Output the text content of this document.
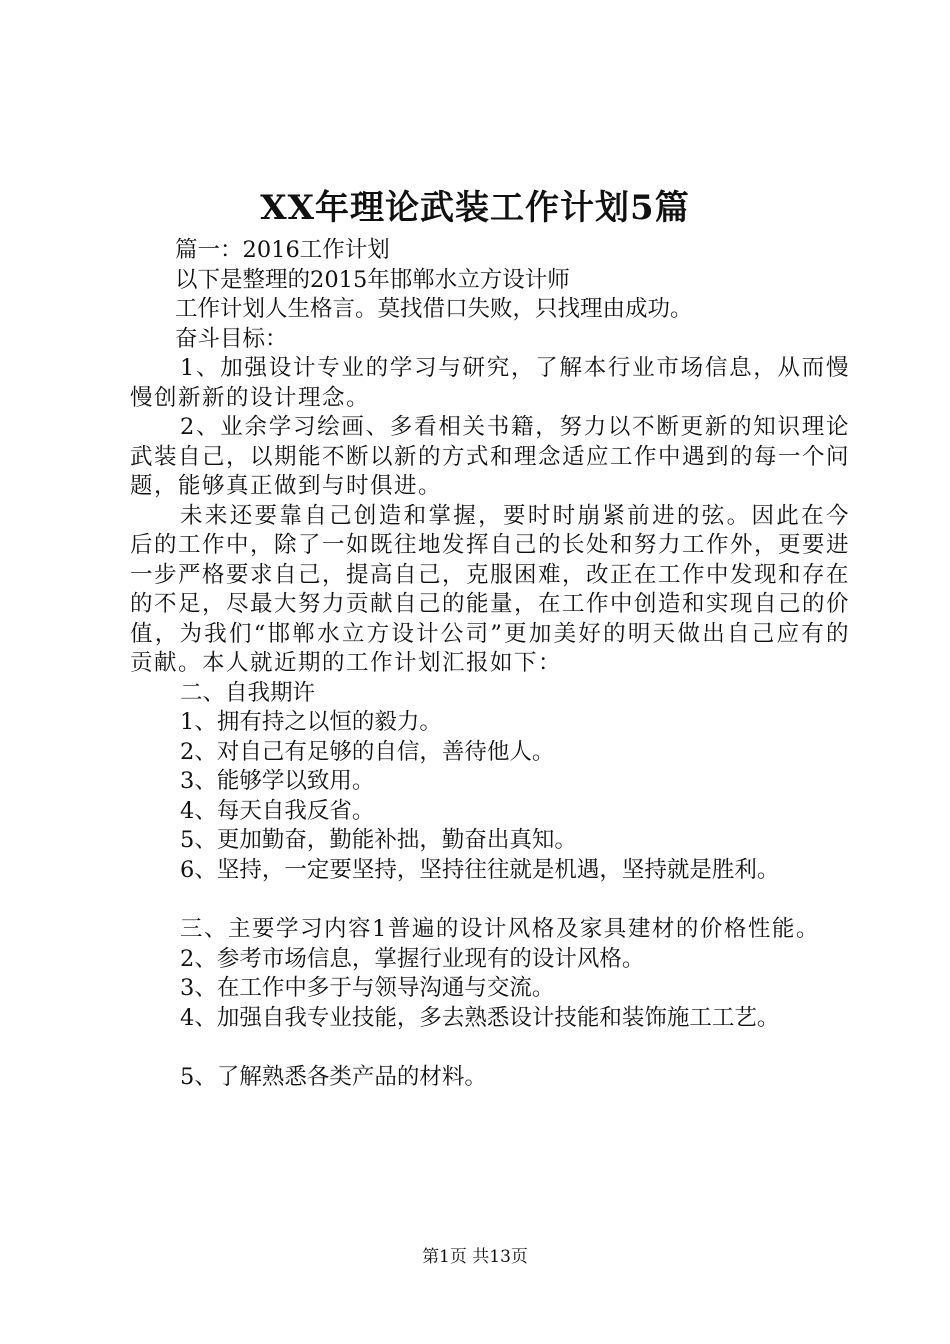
XX年理论武装工作计划5篇

篇一：2016工作计划

以下是整理的2015年邯郸水立方设计师

工作计划人生格言。莫找借口失败，只找理由成功。

奋斗目标：

1、加强设计专业的学习与研究，了解本行业市场信息，从而慢慢创新新的设计理念。

2、业余学习绘画、多看相关书籍，努力以不断更新的知识理论武装自己，以期能不断以新的方式和理念适应工作中遇到的每一个问题，能够真正做到与时俱进。

未来还要靠自己创造和掌握，要时时崩紧前进的弦。因此在今后的工作中，除了一如既往地发挥自己的长处和努力工作外，更要进一步严格要求自己，提高自己，克服困难，改正在工作中发现和存在的不足，尽最大努力贡献自己的能量，在工作中创造和实现自己的价值，为我们“邯郸水立方设计公司”更加美好的明天做出自己应有的贡献。本人就近期的工作计划汇报如下：

二、自我期许

1、拥有持之以恒的毅力。

2、对自己有足够的自信，善待他人。

3、能够学以致用。

4、每天自我反省。

5、更加勤奋，勤能补拙，勤奋出真知。

6、坚持，一定要坚持，坚持往往就是机遇，坚持就是胜利。

三、主要学习内容1普遍的设计风格及家具建材的价格性能。

2、参考市场信息，掌握行业现有的设计风格。

3、在工作中多于与领导沟通与交流。

4、加强自我专业技能，多去熟悉设计技能和装饰施工工艺。

5、了解熟悉各类产品的材料。

第1页 共13页
